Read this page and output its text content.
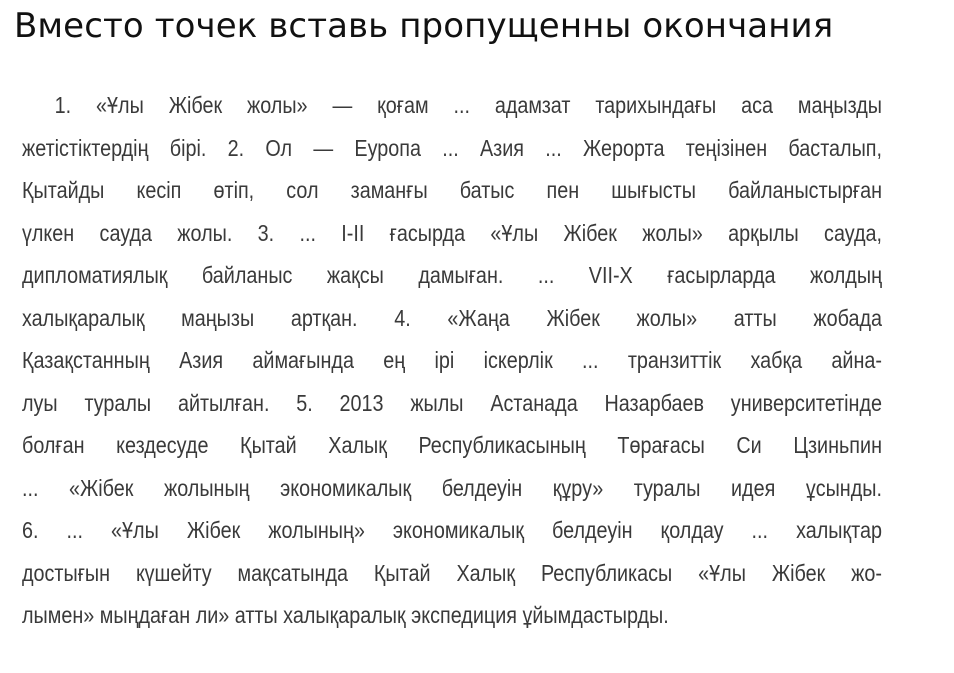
Вместо точек вставь пропущенны окончания
1. «Ұлы Жібек жолы» — қоғам ... адамзат тарихындағы аса маңызды
жетістіктердің бірі. 2. Ол — Еуропа ... Азия ... Жерорта теңізінен басталып,
Қытайды кесіп өтіп, сол заманғы батыс пен шығысты байланыстырған
үлкен сауда жолы. 3. ... I-II ғасырда «Ұлы Жібек жолы» арқылы сауда,
дипломатиялық байланыс жақсы дамыған. ... VII-X ғасырларда жолдың
халықаралық маңызы артқан. 4. «Жаңа Жібек жолы» атты жобада
Қазақстанның Азия аймағында ең ірі іскерлік ... транзиттік хабқа айна-
луы туралы айтылған. 5. 2013 жылы Астанада Назарбаев университетінде
болған кездесуде Қытай Халық Республикасының Төрағасы Си Цзиньпин
... «Жібек жолының экономикалық белдеуін құру» туралы идея ұсынды.
6. ... «Ұлы Жібек жолының» экономикалық белдеуін қолдау ... халықтар
достығын күшейту мақсатында Қытай Халық Республикасы «Ұлы Жібек жо-
лымен» мыңдаған ли» атты халықаралық экспедиция ұйымдастырды.
